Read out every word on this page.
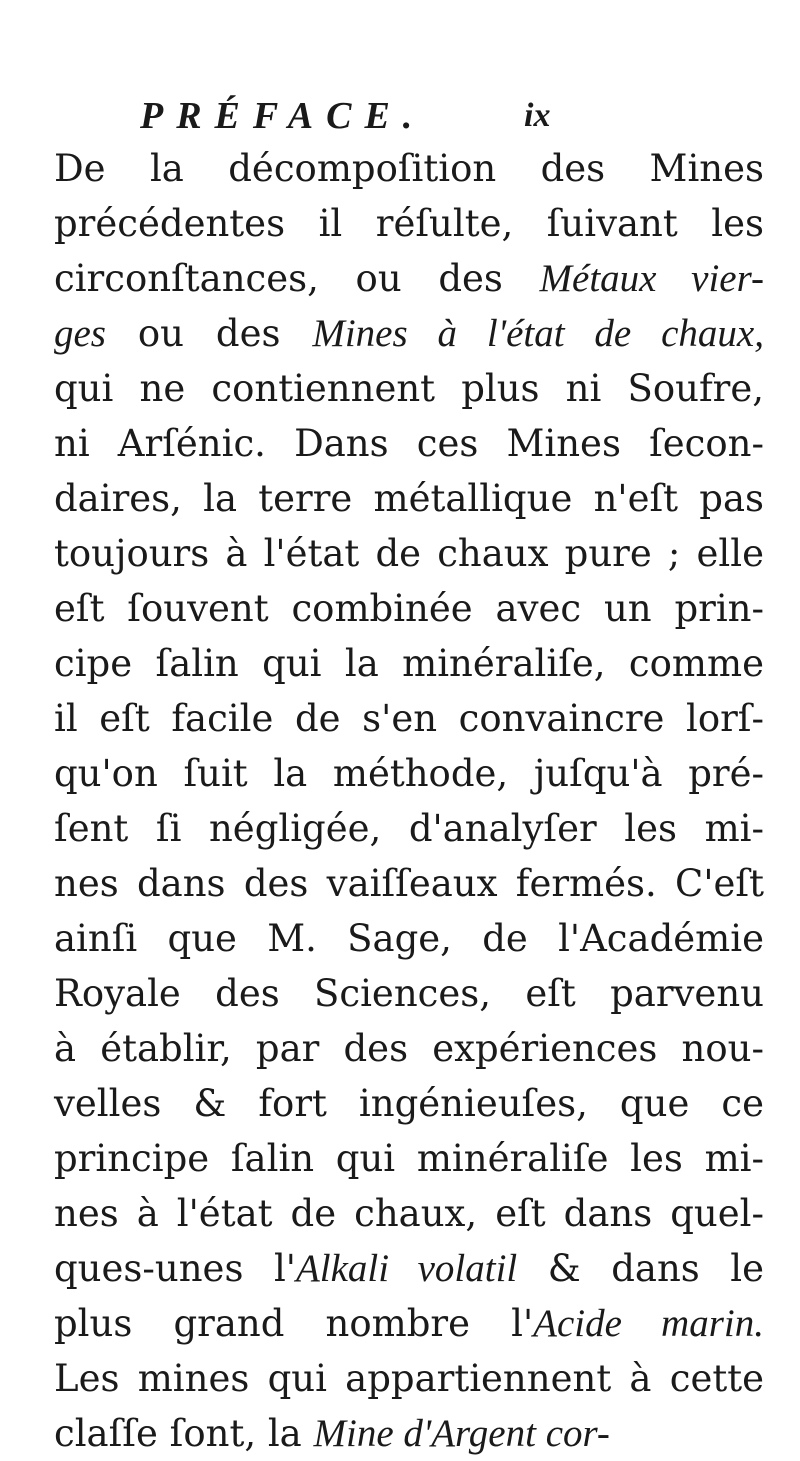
PRÉFACE.	ix
De la décompoſition des Mines
précédentes il réſulte, ſuivant les
circonſtances, ou des Métaux vier-
ges ou des Mines à l'état de chaux,
qui ne contiennent plus ni Soufre,
ni Arſénic. Dans ces Mines ſecon-
daires, la terre métallique n'eſt pas
toujours à l'état de chaux pure ; elle
eſt ſouvent combinée avec un prin-
cipe ſalin qui la minéraliſe, comme
il eſt facile de s'en convaincre lorſ-
qu'on ſuit la méthode, juſqu'à pré-
ſent ſi négligée, d'analyſer les mi-
nes dans des vaiſſeaux fermés. C'eſt
ainſi que M. Sage, de l'Académie
Royale des Sciences, eſt parvenu
à établir, par des expériences nou-
velles & fort ingénieuſes, que ce
principe ſalin qui minéraliſe les mi-
nes à l'état de chaux, eſt dans quel-
ques-unes l'Alkali volatil & dans le
plus grand nombre l'Acide marin.
Les mines qui appartiennent à cette
claſſe ſont, la Mine d'Argent cor-
